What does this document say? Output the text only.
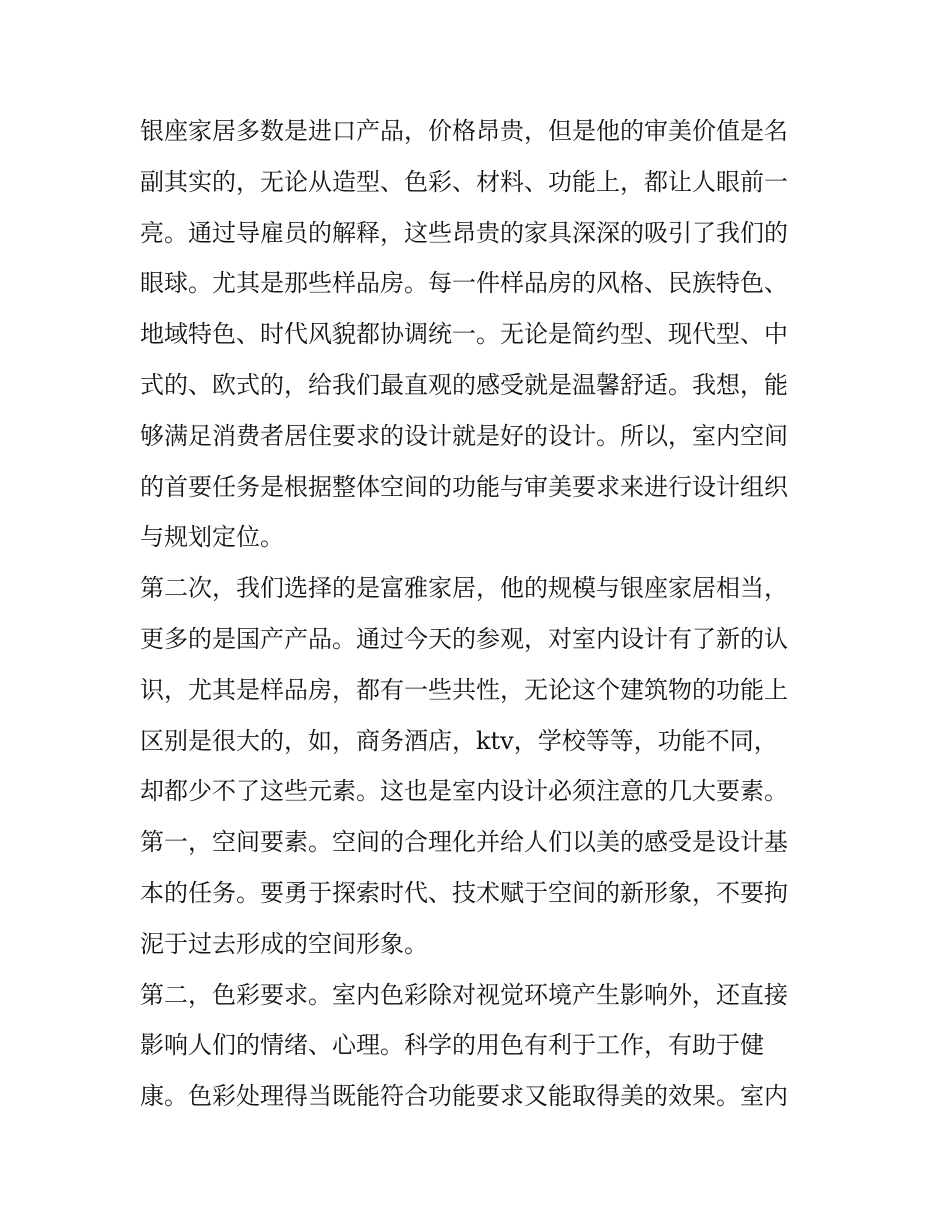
银座家居多数是进口产品，价格昂贵，但是他的审美价值是名
副其实的，无论从造型、色彩、材料、功能上，都让人眼前一
亮。通过导雇员的解释，这些昂贵的家具深深的吸引了我们的
眼球。尤其是那些样品房。每一件样品房的风格、民族特色、
地域特色、时代风貌都协调统一。无论是简约型、现代型、中
式的、欧式的，给我们最直观的感受就是温馨舒适。我想，能
够满足消费者居住要求的设计就是好的设计。所以，室内空间
的首要任务是根据整体空间的功能与审美要求来进行设计组织
与规划定位。
第二次，我们选择的是富雅家居，他的规模与银座家居相当，
更多的是国产产品。通过今天的参观，对室内设计有了新的认
识，尤其是样品房，都有一些共性，无论这个建筑物的功能上
区别是很大的，如，商务酒店，ktv，学校等等，功能不同，
却都少不了这些元素。这也是室内设计必须注意的几大要素。
第一，空间要素。空间的合理化并给人们以美的感受是设计基
本的任务。要勇于探索时代、技术赋于空间的新形象，不要拘
泥于过去形成的空间形象。
第二，色彩要求。室内色彩除对视觉环境产生影响外，还直接
影响人们的情绪、心理。科学的用色有利于工作，有助于健
康。色彩处理得当既能符合功能要求又能取得美的效果。室内
